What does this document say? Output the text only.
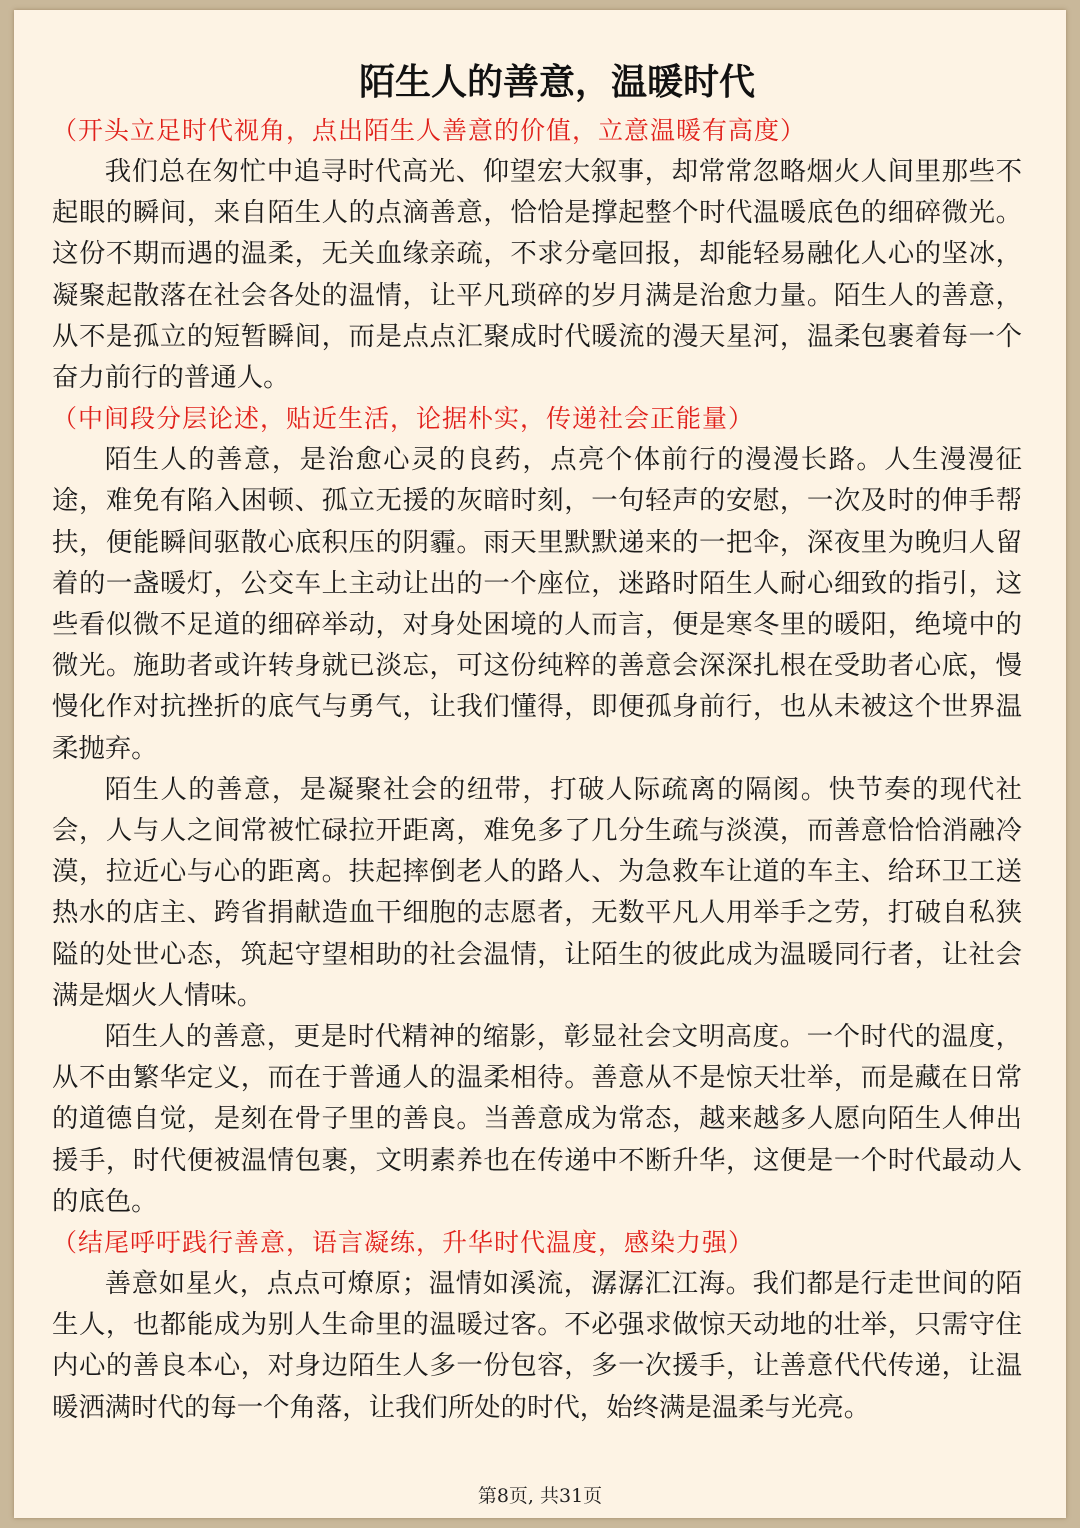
陌生人的善意，温暖时代

（开头立足时代视角，点出陌生人善意的价值，立意温暖有高度）

我们总在匆忙中追寻时代高光、仰望宏大叙事，却常常忽略烟火人间里那些不起眼的瞬间，来自陌生人的点滴善意，恰恰是撑起整个时代温暖底色的细碎微光。这份不期而遇的温柔，无关血缘亲疏，不求分毫回报，却能轻易融化人心的坚冰，凝聚起散落在社会各处的温情，让平凡琐碎的岁月满是治愈力量。陌生人的善意，从不是孤立的短暂瞬间，而是点点汇聚成时代暖流的漫天星河，温柔包裹着每一个奋力前行的普通人。

（中间段分层论述，贴近生活，论据朴实，传递社会正能量）

陌生人的善意，是治愈心灵的良药，点亮个体前行的漫漫长路。人生漫漫征途，难免有陷入困顿、孤立无援的灰暗时刻，一句轻声的安慰，一次及时的伸手帮扶，便能瞬间驱散心底积压的阴霾。雨天里默默递来的一把伞，深夜里为晚归人留着的一盏暖灯，公交车上主动让出的一个座位，迷路时陌生人耐心细致的指引，这些看似微不足道的细碎举动，对身处困境的人而言，便是寒冬里的暖阳，绝境中的微光。施助者或许转身就已淡忘，可这份纯粹的善意会深深扎根在受助者心底，慢慢化作对抗挫折的底气与勇气，让我们懂得，即便孤身前行，也从未被这个世界温柔抛弃。

陌生人的善意，是凝聚社会的纽带，打破人际疏离的隔阂。快节奏的现代社会，人与人之间常被忙碌拉开距离，难免多了几分生疏与淡漠，而善意恰恰消融冷漠，拉近心与心的距离。扶起摔倒老人的路人、为急救车让道的车主、给环卫工送热水的店主、跨省捐献造血干细胞的志愿者，无数平凡人用举手之劳，打破自私狭隘的处世心态，筑起守望相助的社会温情，让陌生的彼此成为温暖同行者，让社会满是烟火人情味。

陌生人的善意，更是时代精神的缩影，彰显社会文明高度。一个时代的温度，从不由繁华定义，而在于普通人的温柔相待。善意从不是惊天壮举，而是藏在日常的道德自觉，是刻在骨子里的善良。当善意成为常态，越来越多人愿向陌生人伸出援手，时代便被温情包裹，文明素养也在传递中不断升华，这便是一个时代最动人的底色。

（结尾呼吁践行善意，语言凝练，升华时代温度，感染力强）

善意如星火，点点可燎原；温情如溪流，潺潺汇江海。我们都是行走世间的陌生人，也都能成为别人生命里的温暖过客。不必强求做惊天动地的壮举，只需守住内心的善良本心，对身边陌生人多一份包容，多一次援手，让善意代代传递，让温暖洒满时代的每一个角落，让我们所处的时代，始终满是温柔与光亮。

第8页, 共31页
